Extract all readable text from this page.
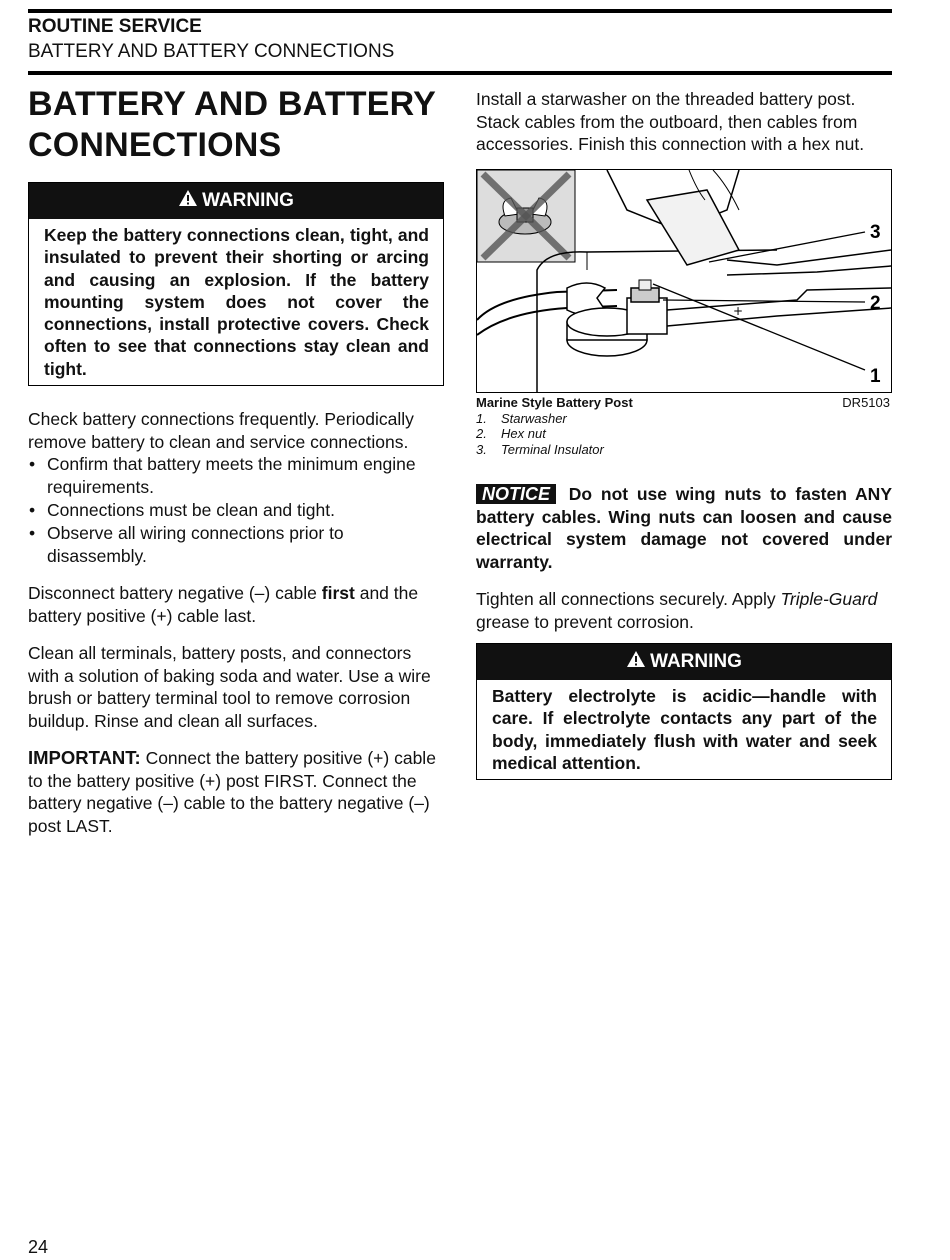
ROUTINE SERVICE
BATTERY AND BATTERY CONNECTIONS
BATTERY AND BATTERY
CONNECTIONS
WARNING
Keep the battery connections clean, tight, and insulated to prevent their shorting or arcing and causing an explosion. If the battery mounting system does not cover the connections, install protective covers. Check often to see that connections stay clean and tight.

Check battery connections frequently. Periodically remove battery to clean and service connections.

• Confirm that battery meets the minimum engine requirements.
• Connections must be clean and tight.
• Observe all wiring connections prior to disassembly.

Disconnect battery negative (–) cable first and the battery positive (+) cable last.

Clean all terminals, battery posts, and connectors with a solution of baking soda and water. Use a wire brush or battery terminal tool to remove corrosion buildup. Rinse and clean all surfaces.

IMPORTANT: Connect the battery positive (+) cable to the battery positive (+) post FIRST. Connect the battery negative (–) cable to the battery negative (–) post LAST.

Install a starwasher on the threaded battery post. Stack cables from the outboard, then cables from accessories. Finish this connection with a hex nut.

+
3
2
1
Marine Style Battery Post	DR5103
1. Starwasher
2. Hex nut
3. Terminal Insulator

NOTICE Do not use wing nuts to fasten ANY battery cables. Wing nuts can loosen and cause electrical system damage not covered under warranty.

Tighten all connections securely. Apply Triple-Guard grease to prevent corrosion.

WARNING
Battery electrolyte is acidic—handle with care. If electrolyte contacts any part of the body, immediately flush with water and seek medical attention.
24
